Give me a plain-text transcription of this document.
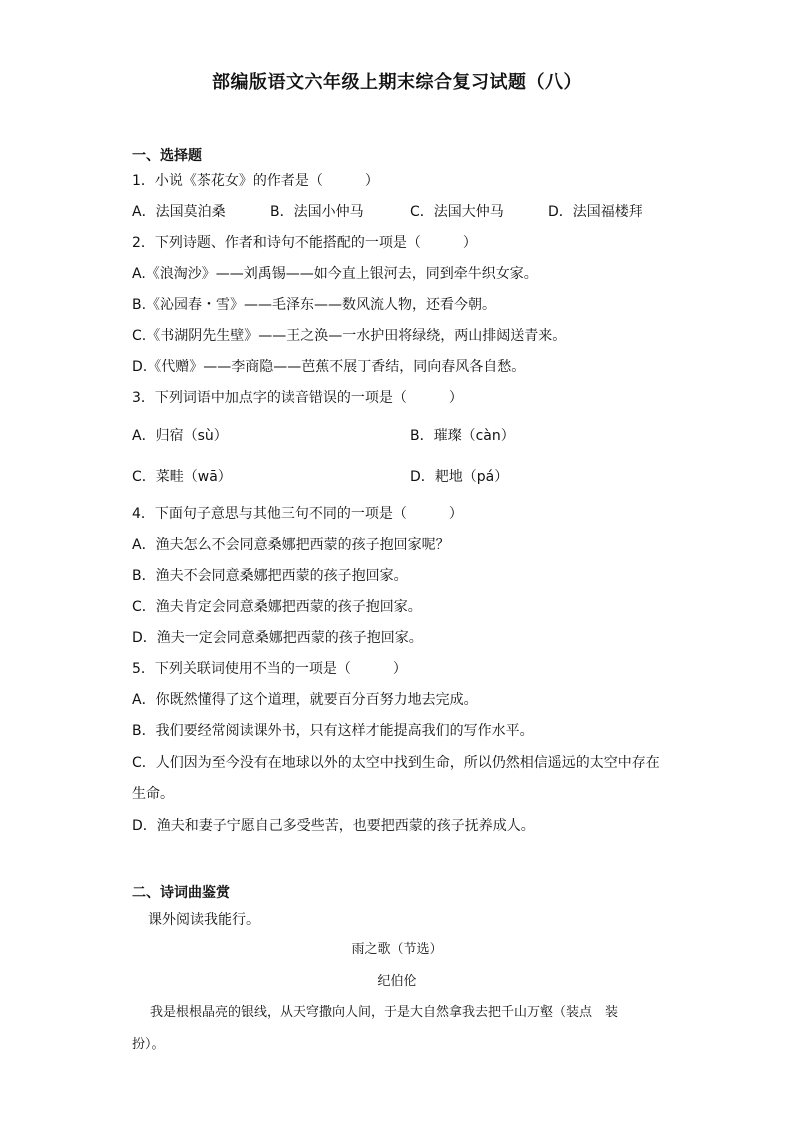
部编版语文六年级上期末综合复习试题（八）
一、选择题
1．小说《茶花女》的作者是（　　　）
A．法国莫泊桑	B．法国小仲马	C．法国大仲马	D．法国福楼拜
2．下列诗题、作者和诗句不能搭配的一项是（　　　）
A.《浪淘沙》——刘禹锡——如今直上银河去，同到牵牛织女家。
B.《沁园春・雪》——毛泽东——数风流人物，还看今朝。
C.《书湖阴先生壁》——王之涣—一水护田将绿绕，两山排闼送青来。
D.《代赠》——李商隐——芭蕉不展丁香结，同向春风各自愁。
3．下列词语中加点字的读音错误的一项是（　　　）
A．归宿（sù）	B．璀璨（càn）
C．菜畦（wā）	D．耙地（pá）
4．下面句子意思与其他三句不同的一项是（　　　）
A．渔夫怎么不会同意桑娜把西蒙的孩子抱回家呢？
B．渔夫不会同意桑娜把西蒙的孩子抱回家。
C．渔夫肯定会同意桑娜把西蒙的孩子抱回家。
D．渔夫一定会同意桑娜把西蒙的孩子抱回家。
5．下列关联词使用不当的一项是（　　　）
A．你既然懂得了这个道理，就要百分百努力地去完成。
B．我们要经常阅读课外书，只有这样才能提高我们的写作水平。
C．人们因为至今没有在地球以外的太空中找到生命，所以仍然相信遥远的太空中存在
生命。
D．渔夫和妻子宁愿自己多受些苦，也要把西蒙的孩子抚养成人。
二、诗词曲鉴赏
课外阅读我能行。
雨之歌（节选）
纪伯伦
我是根根晶亮的银线，从天穹撒向人间，于是大自然拿我去把千山万壑（装点　装
扮）。
